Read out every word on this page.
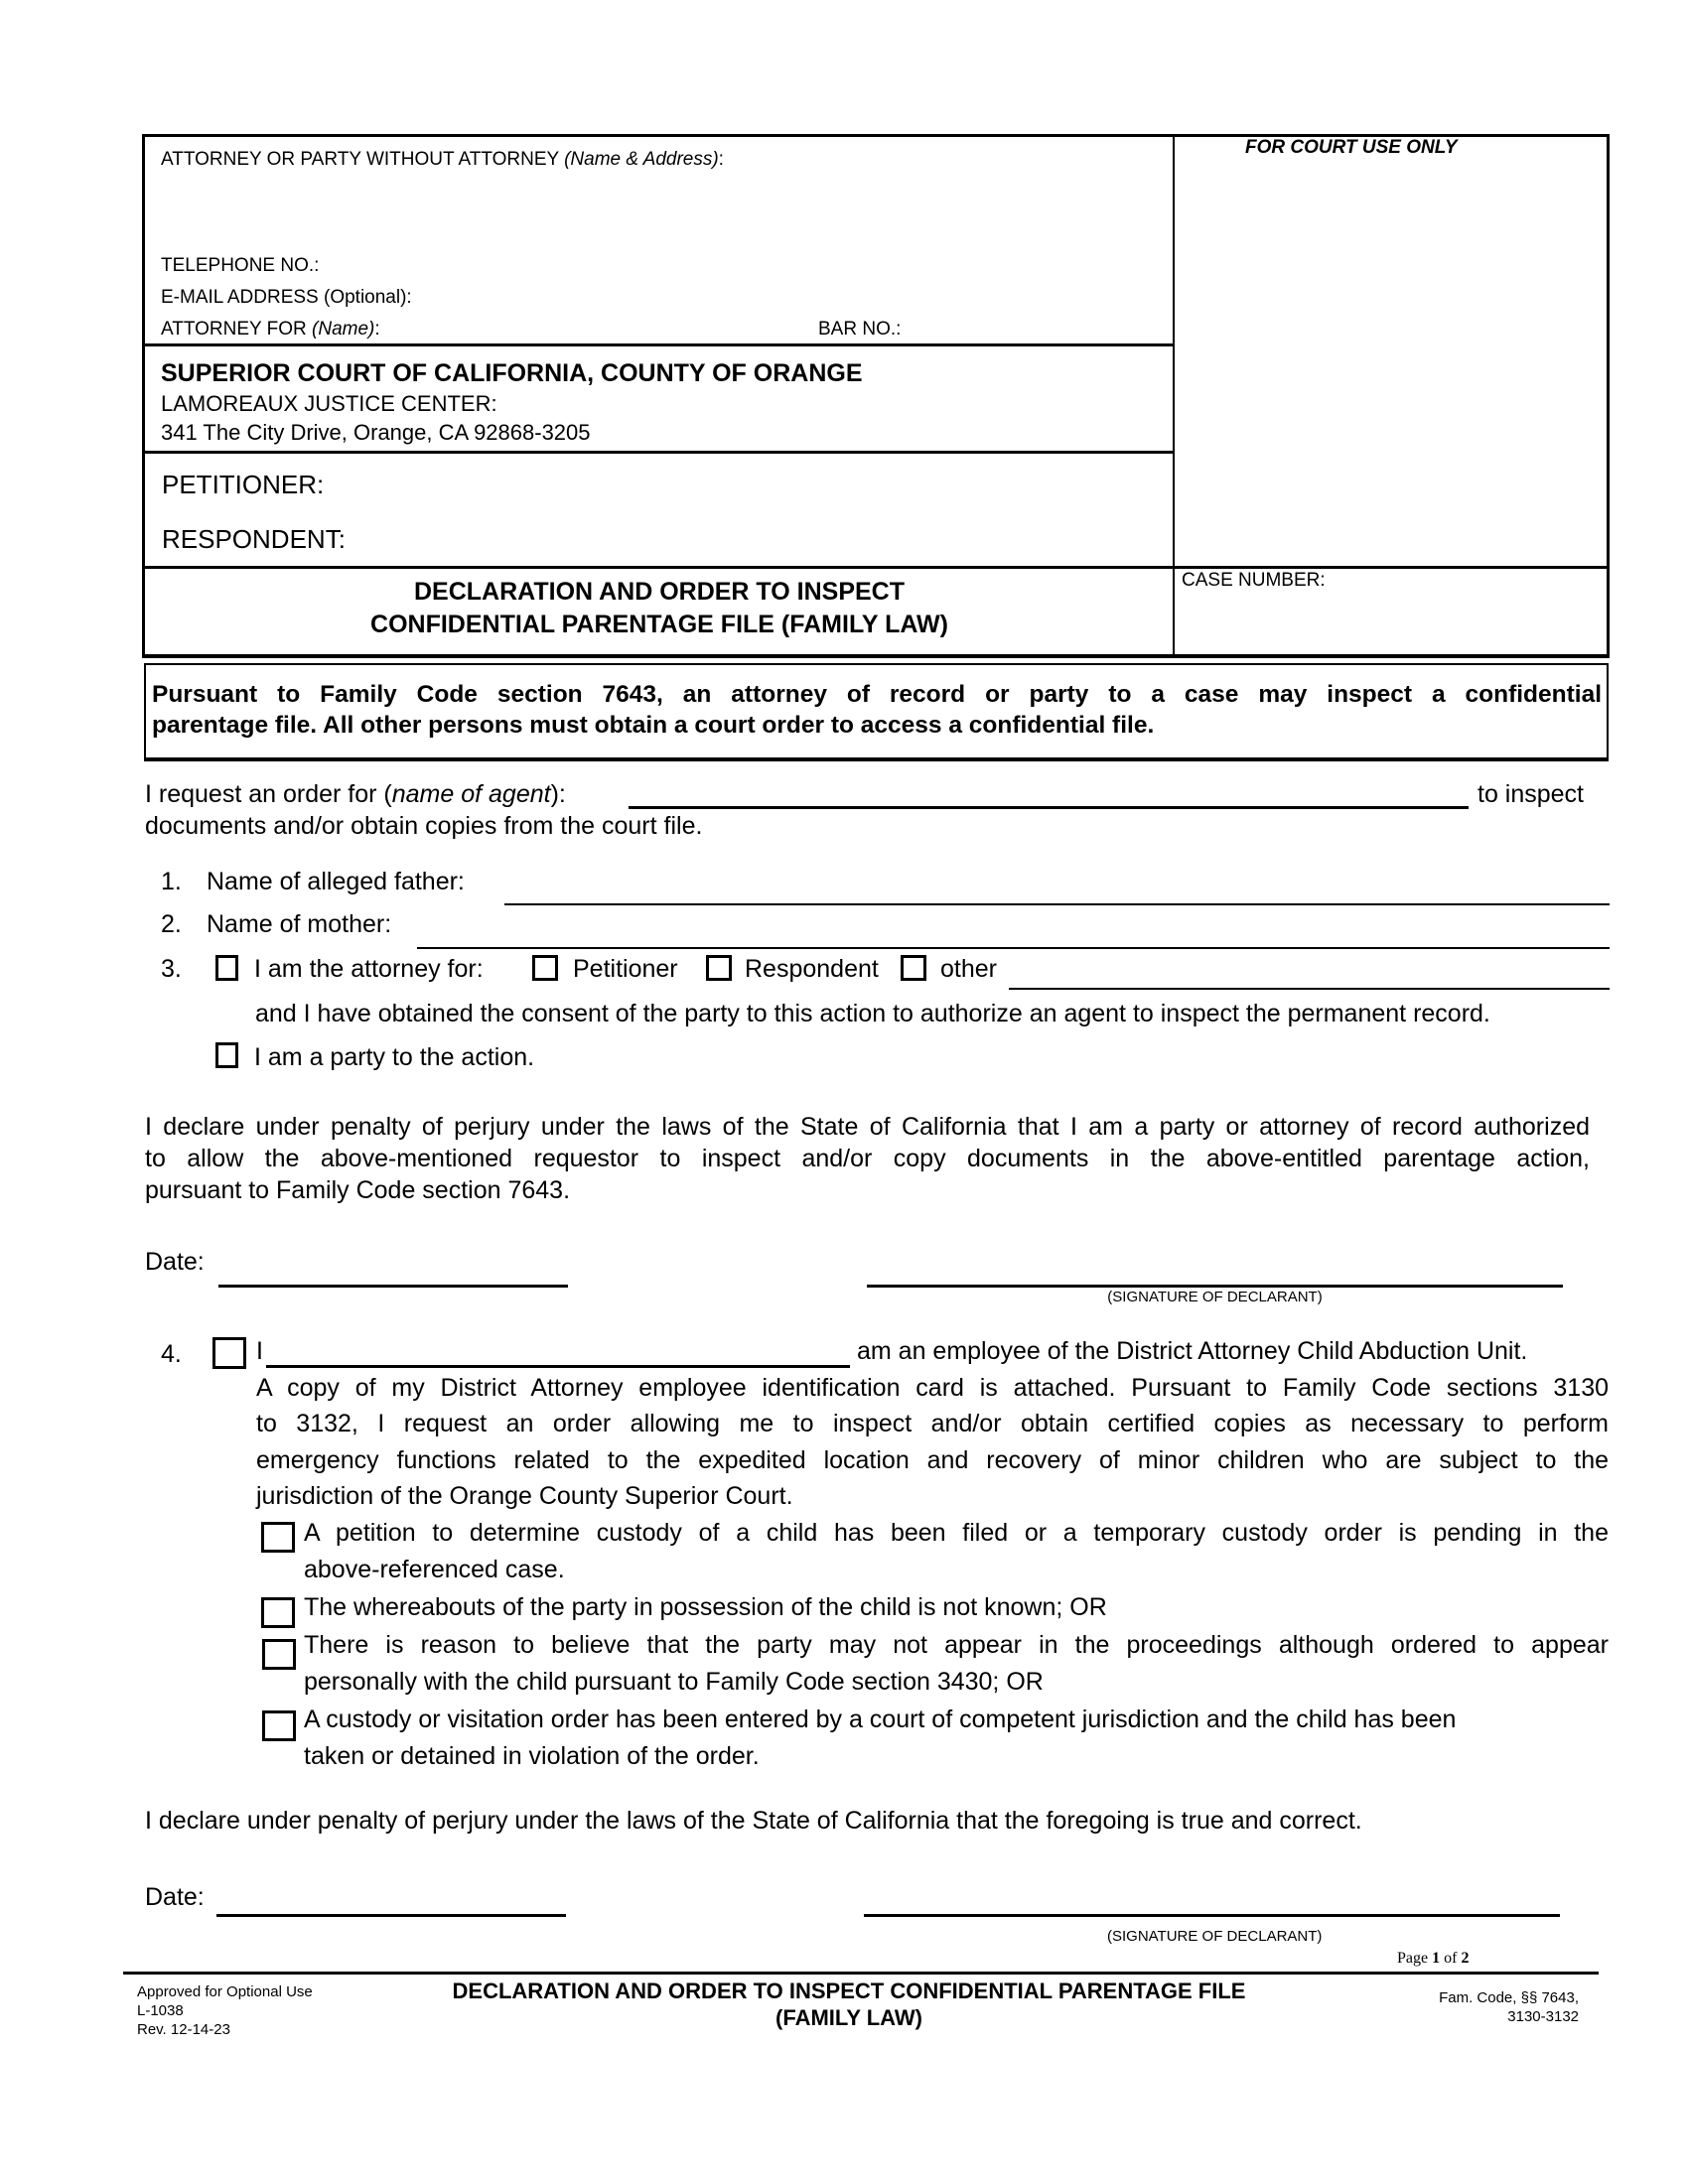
ATTORNEY OR PARTY WITHOUT ATTORNEY (Name & Address):
TELEPHONE NO.:
E-MAIL ADDRESS (Optional):
ATTORNEY FOR (Name):	BAR NO.:
FOR COURT USE ONLY
SUPERIOR COURT OF CALIFORNIA, COUNTY OF ORANGE
LAMOREAUX JUSTICE CENTER:
341 The City Drive, Orange, CA 92868-3205
PETITIONER:
RESPONDENT:
DECLARATION AND ORDER TO INSPECT
CONFIDENTIAL PARENTAGE FILE (FAMILY LAW)
CASE NUMBER:
Pursuant to Family Code section 7643, an attorney of record or party to a case may inspect a confidential
parentage file. All other persons must obtain a court order to access a confidential file.
I request an order for (name of agent):	to inspect
documents and/or obtain copies from the court file.
1. Name of alleged father:
2. Name of mother:
3.	I am the attorney for:	Petitioner	Respondent other
and I have obtained the consent of the party to this action to authorize an agent to inspect the permanent record.
I am a party to the action.
I declare under penalty of perjury under the laws of the State of California that I am a party or attorney of record authorized
to allow the above-mentioned requestor to inspect and/or copy documents in the above-entitled parentage action,
pursuant to Family Code section 7643.
Date:
(SIGNATURE OF DECLARANT)
4.	I	am an employee of the District Attorney Child Abduction Unit.
A copy of my District Attorney employee identification card is attached. Pursuant to Family Code sections 3130
to 3132, I request an order allowing me to inspect and/or obtain certified copies as necessary to perform
emergency functions related to the expedited location and recovery of minor children who are subject to the
jurisdiction of the Orange County Superior Court.
A petition to determine custody of a child has been filed or a temporary custody order is pending in the
above-referenced case.
The whereabouts of the party in possession of the child is not known; OR
There is reason to believe that the party may not appear in the proceedings although ordered to appear
personally with the child pursuant to Family Code section 3430; OR
A custody or visitation order has been entered by a court of competent jurisdiction and the child has been
taken or detained in violation of the order.
I declare under penalty of perjury under the laws of the State of California that the foregoing is true and correct.
Date:
(SIGNATURE OF DECLARANT)
Page 1 of 2
Approved for Optional Use
L-1038
Rev. 12-14-23
DECLARATION AND ORDER TO INSPECT CONFIDENTIAL PARENTAGE FILE
(FAMILY LAW)
Fam. Code, §§ 7643,
3130-3132
